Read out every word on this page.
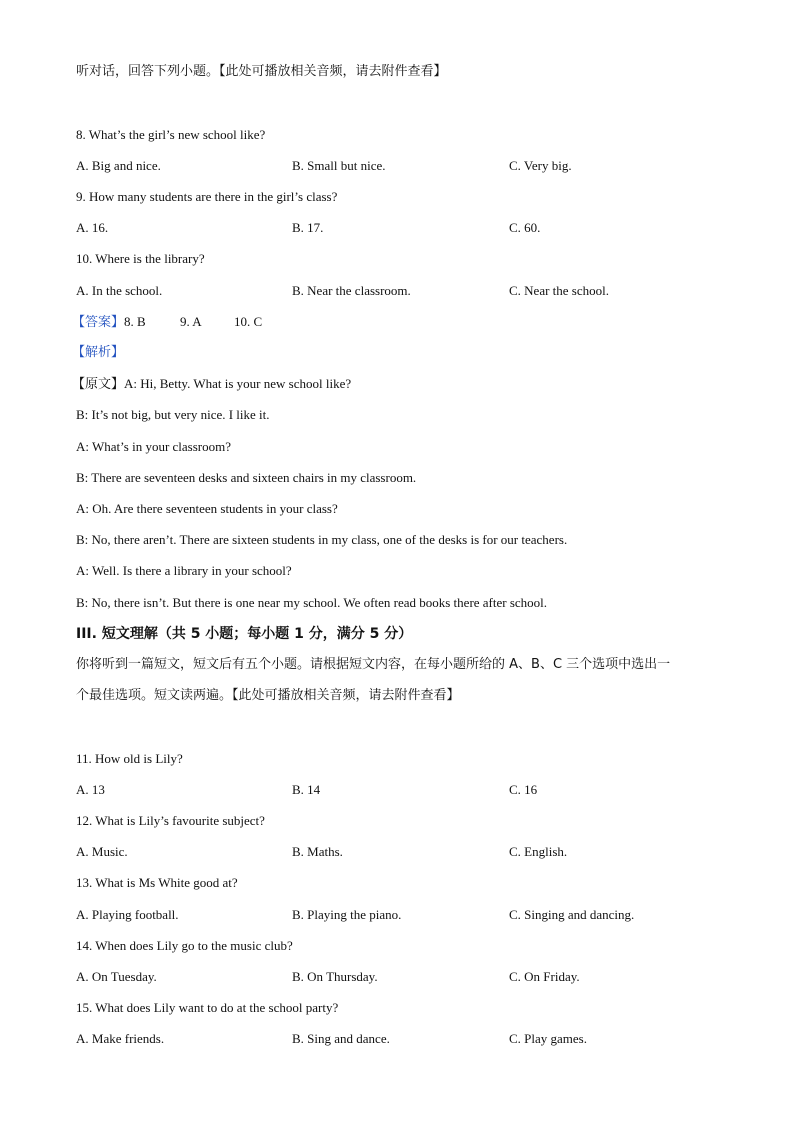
听对话，回答下列小题。【此处可播放相关音频，请去附件查看】
8. What’s the girl’s new school like?
A. Big and nice.	B. Small but nice.	C. Very big.
9. How many students are there in the girl’s class?
A. 16.	B. 17.	C. 60.
10. Where is the library?
A. In the school.	B. Near the classroom.	C. Near the school.
【答案】8. B	9. A 10. C
【解析】
【原文】A: Hi, Betty. What is your new school like?
B: It’s not big, but very nice. I like it.
A: What’s in your classroom?
B: There are seventeen desks and sixteen chairs in my classroom.
A: Oh. Are there seventeen students in your class?
B: No, there aren’t. There are sixteen students in my class, one of the desks is for our teachers.
A: Well. Is there a library in your school?
B: No, there isn’t. But there is one near my school. We often read books there after school.
III. 短文理解（共 5 小题；每小题 1 分，满分 5 分）
你将听到一篇短文，短文后有五个小题。请根据短文内容，在每小题所给的 A、B、C 三个选项中选出一
个最佳选项。短文读两遍。【此处可播放相关音频，请去附件查看】
11. How old is Lily?
A. 13	B. 14	C. 16
12. What is Lily’s favourite subject?
A. Music.	B. Maths.	C. English.
13. What is Ms White good at?
A. Playing football.	B. Playing the piano.	C. Singing and dancing.
14. When does Lily go to the music club?
A. On Tuesday.	B. On Thursday.	C. On Friday.
15. What does Lily want to do at the school party?
A. Make friends.	B. Sing and dance.	C. Play games.
